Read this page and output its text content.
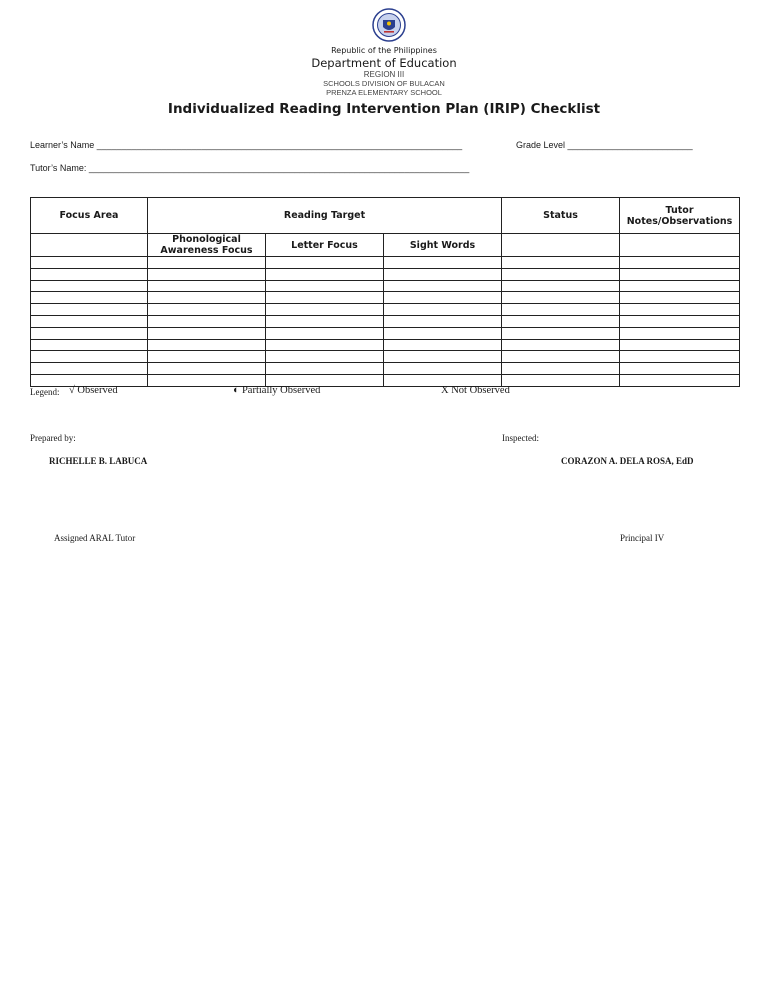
Republic of the Philippines
Department of Education
REGION III
SCHOOLS DIVISION OF BULACAN
PRENZA ELEMENTARY SCHOOL
Individualized Reading Intervention Plan (IRIP) Checklist
Learner’s Name _________________________________________________________________________	Grade Level _________________________
Tutor’s Name: ____________________________________________________________________________
Focus Area	Reading Target			Status	Tutor Notes/Observations
	Phonological Awareness Focus	Letter Focus	Sight Words		

Legend: √ Observed	◐ Partially Observed	X Not Observed
Prepared by:	Inspected:
RICHELLE B. LABUCA	CORAZON A. DELA ROSA, EdD
Assigned ARAL Tutor	Principal IV
